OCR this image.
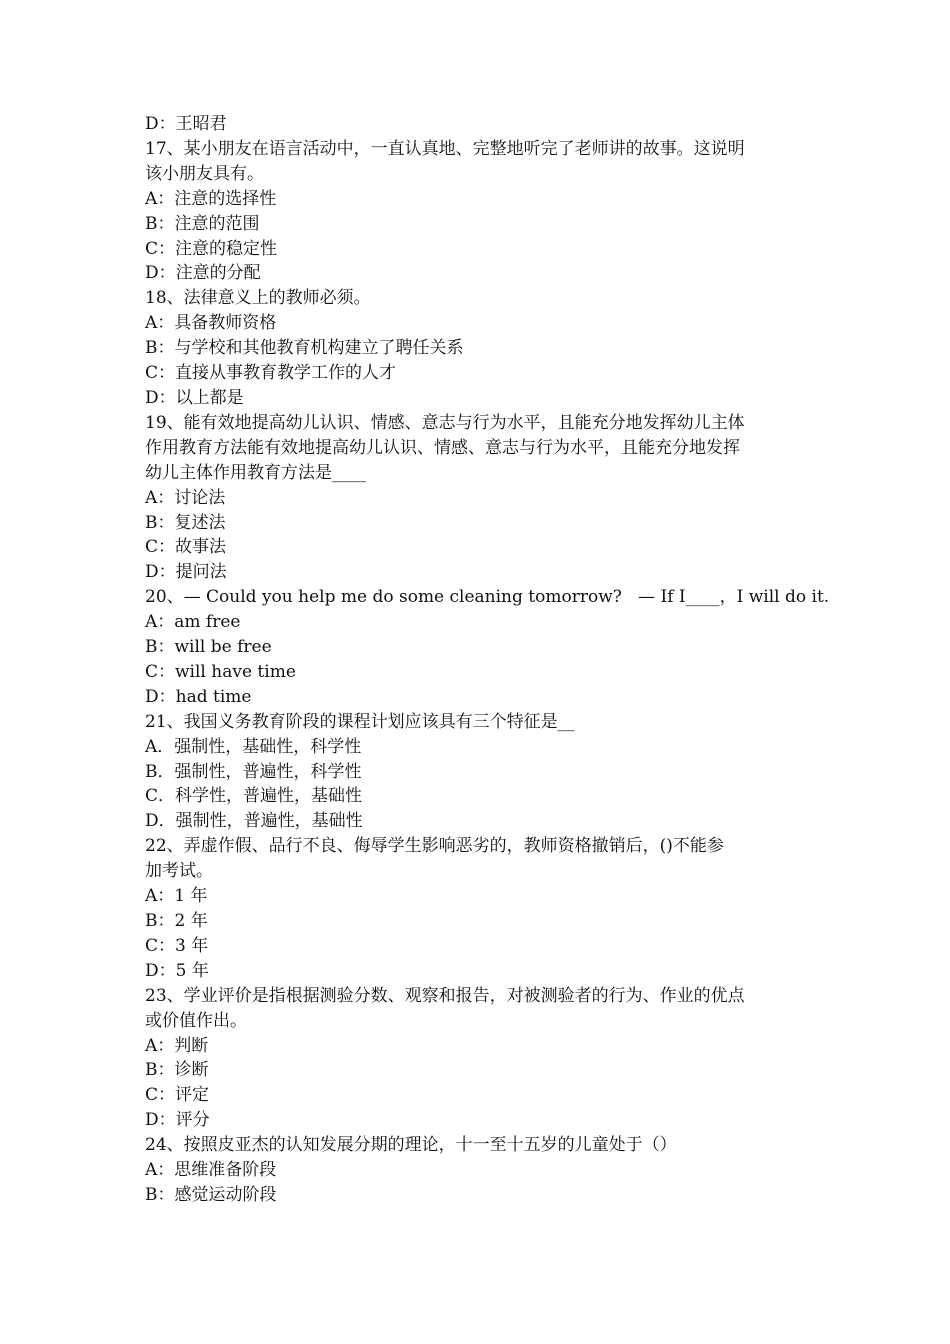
D：王昭君
17、某小朋友在语言活动中，一直认真地、完整地听完了老师讲的故事。这说明
该小朋友具有。
A：注意的选择性
B：注意的范围
C：注意的稳定性
D：注意的分配
18、法律意义上的教师必须。
A：具备教师资格
B：与学校和其他教育机构建立了聘任关系
C：直接从事教育教学工作的人才
D：以上都是
19、能有效地提高幼儿认识、情感、意志与行为水平，且能充分地发挥幼儿主体
作用教育方法能有效地提高幼儿认识、情感、意志与行为水平，且能充分地发挥
幼儿主体作用教育方法是____
A：讨论法
B：复述法
C：故事法
D：提问法
20、— Could you help me do some cleaning tomorrow?   — If I____，I will do it.
A：am free
B：will be free
C：will have time
D：had time
21、我国义务教育阶段的课程计划应该具有三个特征是__
A．强制性，基础性，科学性
B．强制性，普遍性，科学性
C．科学性，普遍性，基础性
D．强制性，普遍性，基础性
22、弄虚作假、品行不良、侮辱学生影响恶劣的，教师资格撤销后，()不能参
加考试。
A：1 年
B：2 年
C：3 年
D：5 年
23、学业评价是指根据测验分数、观察和报告，对被测验者的行为、作业的优点
或价值作出。
A：判断
B：诊断
C：评定
D：评分
24、按照皮亚杰的认知发展分期的理论，十一至十五岁的儿童处于（）
A：思维准备阶段
B：感觉运动阶段
